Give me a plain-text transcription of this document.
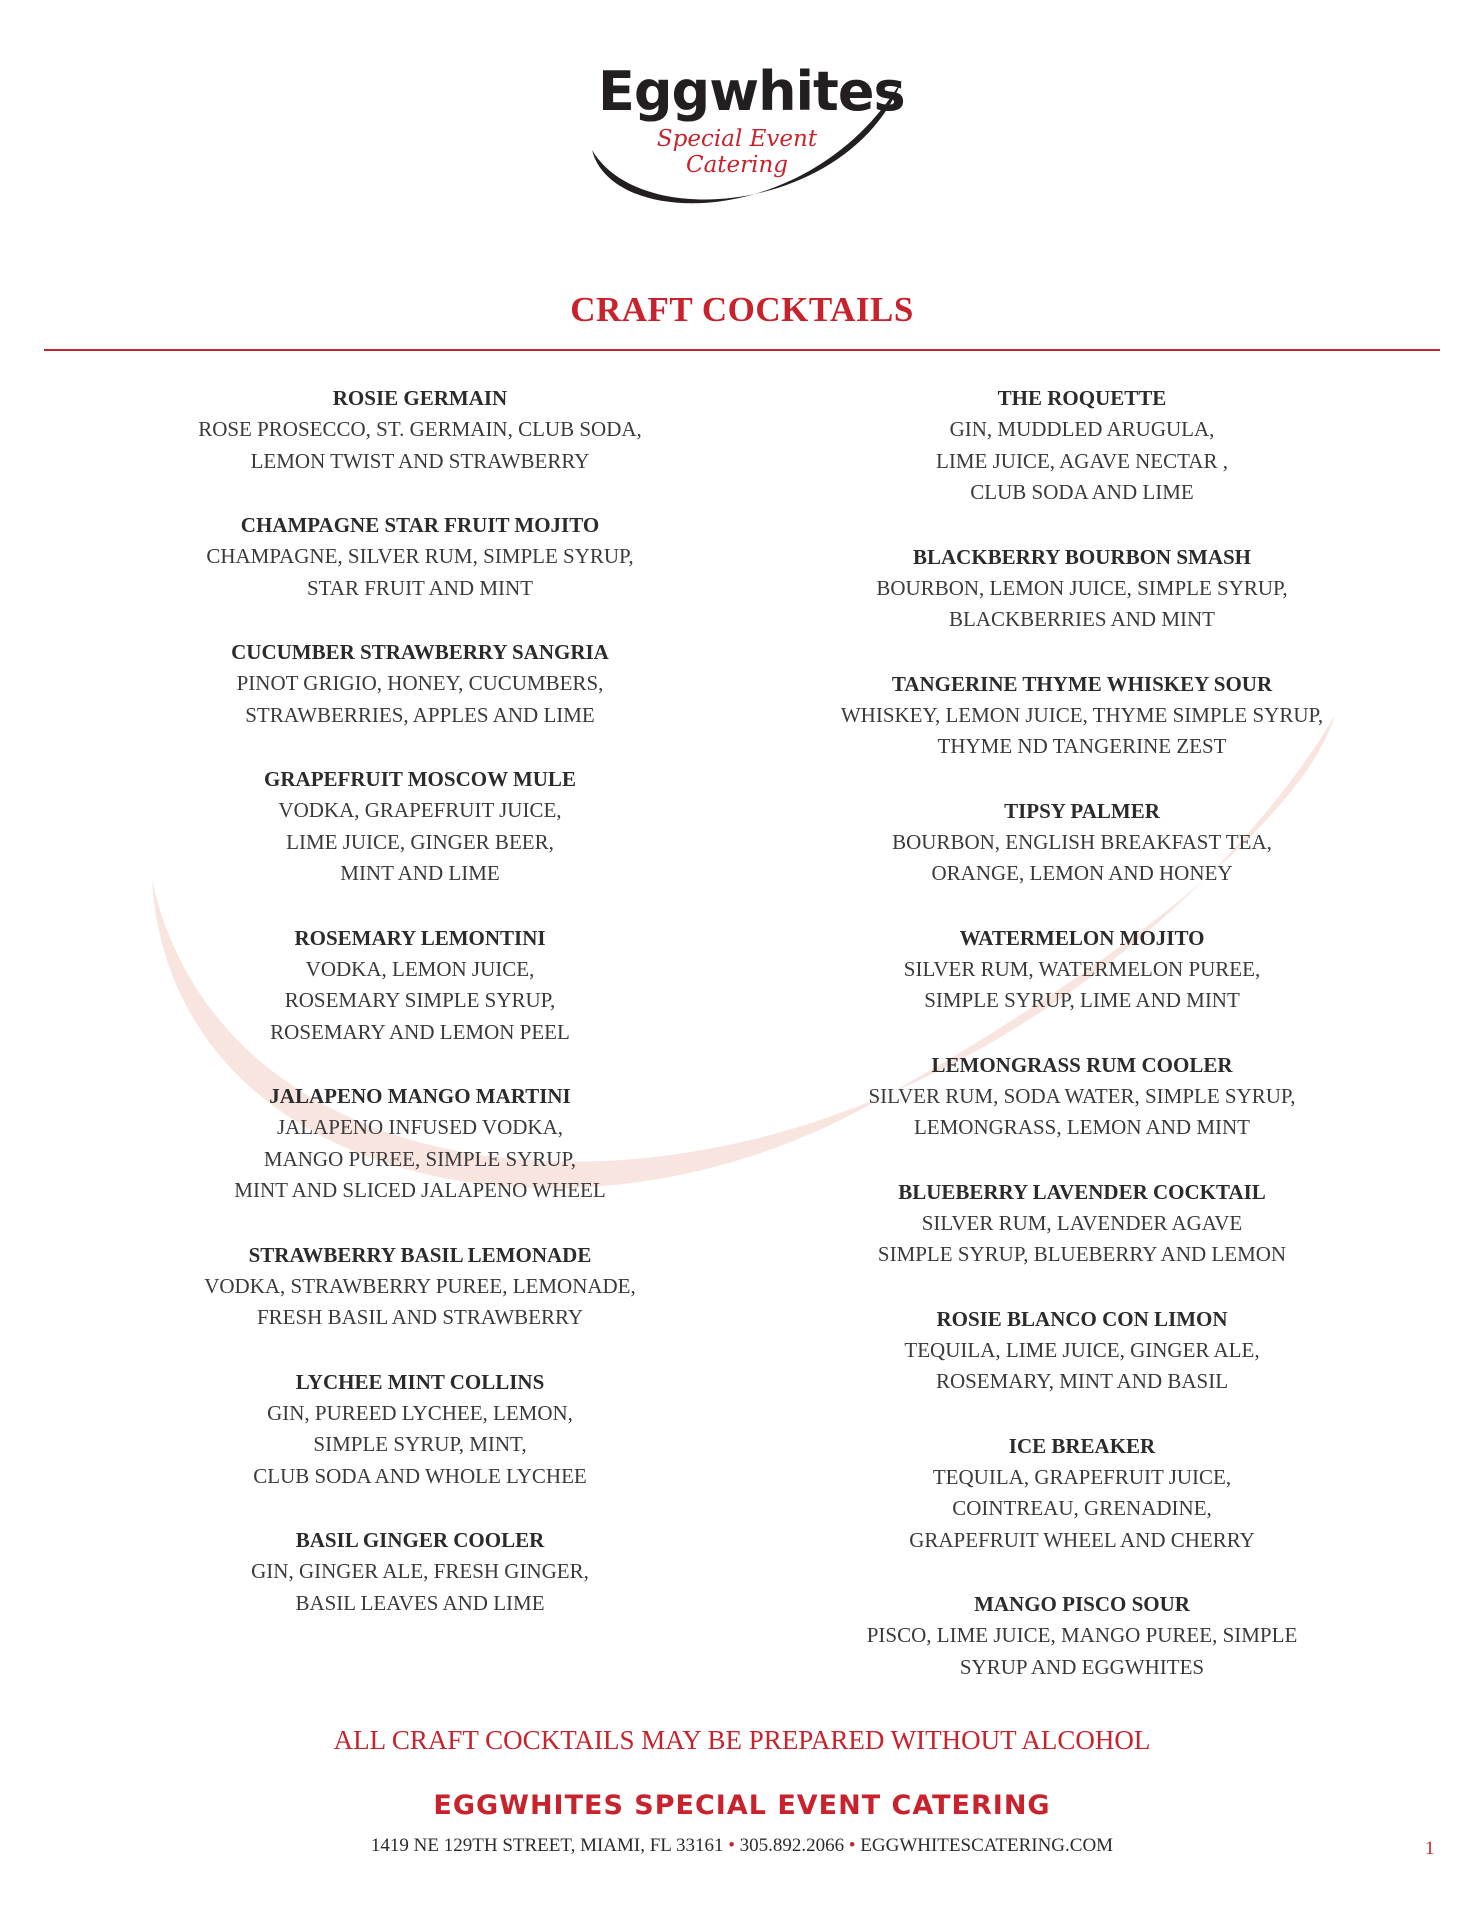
Eggwhites
Special Event Catering
CRAFT COCKTAILS
ROSIE GERMAIN
ROSE PROSECCO, ST. GERMAIN, CLUB SODA,
LEMON TWIST AND STRAWBERRY
CHAMPAGNE STAR FRUIT MOJITO
CHAMPAGNE, SILVER RUM, SIMPLE SYRUP,
STAR FRUIT AND MINT
CUCUMBER STRAWBERRY SANGRIA
PINOT GRIGIO, HONEY, CUCUMBERS,
STRAWBERRIES, APPLES AND LIME
GRAPEFRUIT MOSCOW MULE
VODKA, GRAPEFRUIT JUICE,
LIME JUICE, GINGER BEER,
MINT AND LIME
ROSEMARY LEMONTINI
VODKA, LEMON JUICE,
ROSEMARY SIMPLE SYRUP,
ROSEMARY AND LEMON PEEL
JALAPENO MANGO MARTINI
JALAPENO INFUSED VODKA,
MANGO PUREE, SIMPLE SYRUP,
MINT AND SLICED JALAPENO WHEEL
STRAWBERRY BASIL LEMONADE
VODKA, STRAWBERRY PUREE, LEMONADE,
FRESH BASIL AND STRAWBERRY
LYCHEE MINT COLLINS
GIN, PUREED LYCHEE, LEMON,
SIMPLE SYRUP, MINT,
CLUB SODA AND WHOLE LYCHEE
BASIL GINGER COOLER
GIN, GINGER ALE, FRESH GINGER,
BASIL LEAVES AND LIME
THE ROQUETTE
GIN, MUDDLED ARUGULA,
LIME JUICE, AGAVE NECTAR ,
CLUB SODA AND LIME
BLACKBERRY BOURBON SMASH
BOURBON, LEMON JUICE, SIMPLE SYRUP,
BLACKBERRIES AND MINT
TANGERINE THYME WHISKEY SOUR
WHISKEY, LEMON JUICE, THYME SIMPLE SYRUP,
THYME ND TANGERINE ZEST
TIPSY PALMER
BOURBON, ENGLISH BREAKFAST TEA,
ORANGE, LEMON AND HONEY
WATERMELON MOJITO
SILVER RUM, WATERMELON PUREE,
SIMPLE SYRUP, LIME AND MINT
LEMONGRASS RUM COOLER
SILVER RUM, SODA WATER, SIMPLE SYRUP,
LEMONGRASS, LEMON AND MINT
BLUEBERRY LAVENDER COCKTAIL
SILVER RUM, LAVENDER AGAVE
SIMPLE SYRUP, BLUEBERRY AND LEMON
ROSIE BLANCO CON LIMON
TEQUILA, LIME JUICE, GINGER ALE,
ROSEMARY, MINT AND BASIL
ICE BREAKER
TEQUILA, GRAPEFRUIT JUICE,
COINTREAU, GRENADINE,
GRAPEFRUIT WHEEL AND CHERRY
MANGO PISCO SOUR
PISCO, LIME JUICE, MANGO PUREE, SIMPLE
SYRUP AND EGGWHITES
ALL CRAFT COCKTAILS MAY BE PREPARED WITHOUT ALCOHOL
EGGWHITES SPECIAL EVENT CATERING
1419 NE 129TH STREET, MIAMI, FL 33161 • 305.892.2066 • EGGWHITESCATERING.COM	1
